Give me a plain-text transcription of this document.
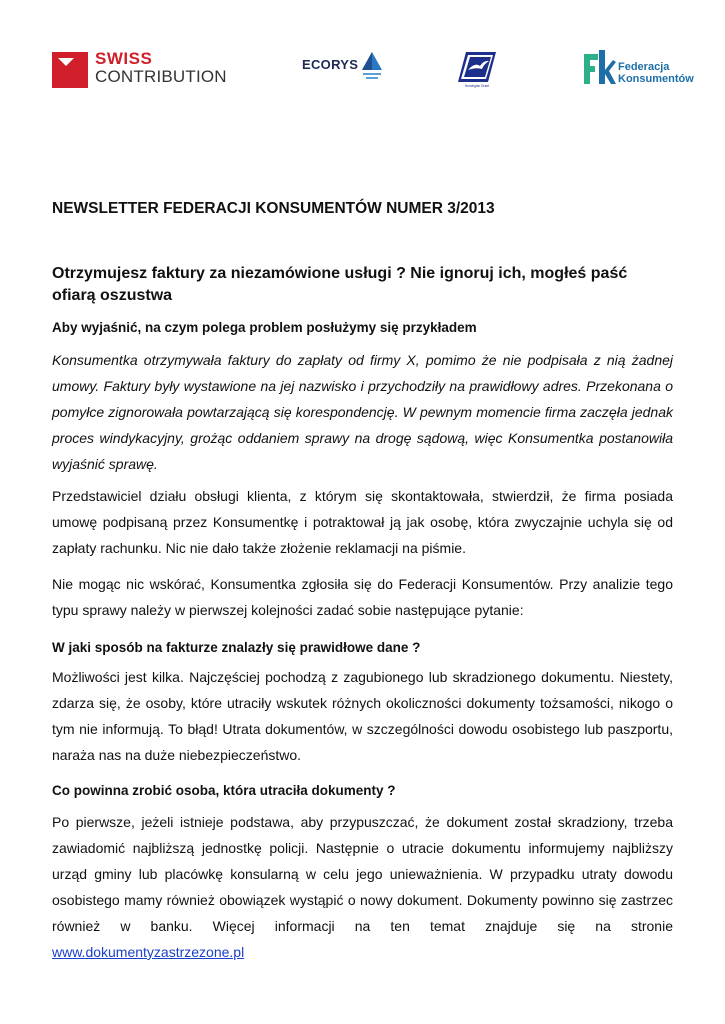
SWISS
CONTRIBUTION
ECORYS
Norwegian Grant
Federacja
Konsumentów
NEWSLETTER FEDERACJI KONSUMENTÓW NUMER 3/2013
Otrzymujesz faktury za niezamówione usługi ? Nie ignoruj ich, mogłeś paść ofiarą oszustwa
Aby wyjaśnić, na czym polega problem posłużymy się przykładem
Konsumentka otrzymywała faktury do zapłaty od firmy X, pomimo że nie podpisała z nią żadnej umowy. Faktury były wystawione na jej nazwisko i przychodziły na prawidłowy adres. Przekonana o pomyłce zignorowała powtarzającą się korespondencję. W pewnym momencie firma zaczęła jednak proces windykacyjny, grożąc oddaniem sprawy na drogę sądową, więc Konsumentka postanowiła wyjaśnić sprawę.
Przedstawiciel działu obsługi klienta, z którym się skontaktowała, stwierdził, że firma posiada umowę podpisaną przez Konsumentkę i potraktował ją jak osobę, która zwyczajnie uchyla się od zapłaty rachunku. Nic nie dało także złożenie reklamacji na piśmie.
Nie mogąc nic wskórać, Konsumentka zgłosiła się do Federacji Konsumentów. Przy analizie tego typu sprawy należy w pierwszej kolejności zadać sobie następujące pytanie:
W jaki sposób na fakturze znalazły się prawidłowe dane ?
Możliwości jest kilka. Najczęściej pochodzą z zagubionego lub skradzionego dokumentu. Niestety, zdarza się, że osoby, które utraciły wskutek różnych okoliczności dokumenty tożsamości, nikogo o tym nie informują. To błąd! Utrata dokumentów, w szczególności dowodu osobistego lub paszportu, naraża nas na duże niebezpieczeństwo.
Co powinna zrobić osoba, która utraciła dokumenty ?
Po pierwsze, jeżeli istnieje podstawa, aby przypuszczać, że dokument został skradziony, trzeba zawiadomić najbliższą jednostkę policji. Następnie o utracie dokumentu informujemy najbliższy urząd gminy lub placówkę konsularną w celu jego unieważnienia. W przypadku utraty dowodu osobistego mamy również obowiązek wystąpić o nowy dokument. Dokumenty powinno się zastrzec również w banku. Więcej informacji na ten temat znajduje się na stronie www.dokumentyzastrzezone.pl
